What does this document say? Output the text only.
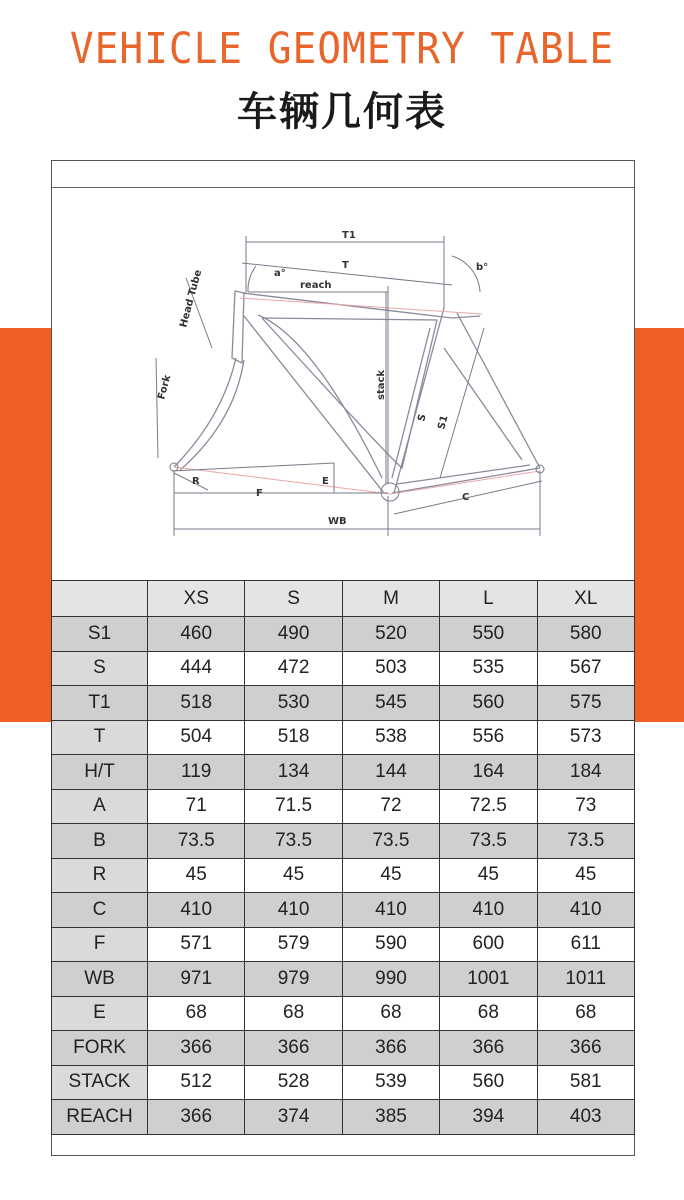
VEHICLE GEOMETRY TABLE
车辆几何表
T1
T
a°
b°
reach
Head Tube
Fork	stack
S S1
R
F
E
C
WB
	XS	S	M	L	XL
S1	460	490	520	550	580
S	444	472	503	535	567
T1	518	530	545	560	575
T	504	518	538	556	573
H/T	119	134	144	164	184
A	71	71.5	72	72.5	73
B	73.5	73.5	73.5	73.5	73.5
R	45	45	45	45	45
C	410	410	410	410	410
F	571	579	590	600	611
WB	971	979	990	1001	1011
E	68	68	68	68	68
FORK	366	366	366	366	366
STACK	512	528	539	560	581
REACH	366	374	385	394	403
